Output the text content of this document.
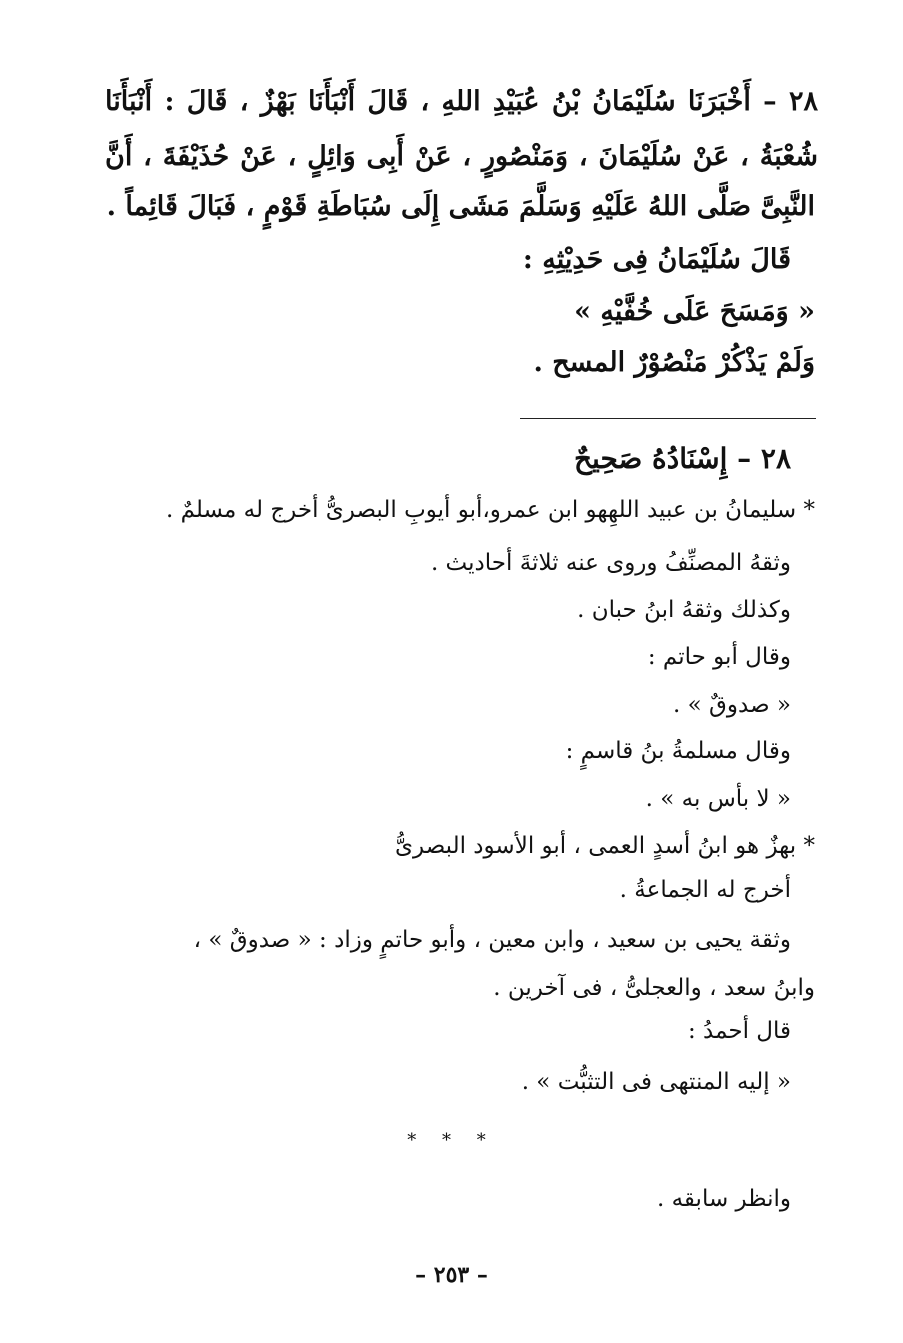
٢٨ – أَخْبَرَنَا سُلَيْمَانُ بْنُ عُبَيْدِ اللهِ ، قَالَ أَنْبَأَنَا بَهْزٌ ، قَالَ : أَنْبَأَنَا
شُعْبَةُ ، عَنْ سُلَيْمَانَ ، وَمَنْصُورٍ ، عَنْ أَبِى وَائِلٍ ، عَنْ حُذَيْفَةَ ، أَنَّ
النَّبِىَّ صَلَّى اللهُ عَلَيْهِ وَسَلَّمَ مَشَى إِلَى سُبَاطَةِ قَوْمٍ ، فَبَالَ قَائِماً .
قَالَ سُلَيْمَانُ فِى حَدِيْثِهِ :
« وَمَسَحَ عَلَى خُفَّيْهِ »
وَلَمْ يَذْكُرْ مَنْصُوْرٌ المسح .
٢٨ – إِسْنَادُهُ صَحِيحٌ
* سليمانُ بن عبيد اللهِهو ابن عمرو،أبو أيوبِ البصرىُّ أخرج له مسلمٌ .
وثقهُ المصنِّفُ وروى عنه ثلاثةَ أحاديث .
وكذلك وثقهُ ابنُ حبان .
وقال أبو حاتم :
« صدوقٌ » .
وقال مسلمةُ بنُ قاسمٍ :
« لا بأس به » .
* بهزٌ هو ابنُ أسدٍ العمى ، أبو الأسود البصرىُّ
أخرج له الجماعةُ .
وثقة يحيى بن سعيد ، وابن معين ، وأبو حاتمٍ وزاد : « صدوقٌ » ،
وابنُ سعد ، والعجلىُّ ، فى آخرين .
قال أحمدُ :
« إليه المنتهى فى التثبُّت » .
* * *
وانظر سابقه .
– ٢٥٣ –
